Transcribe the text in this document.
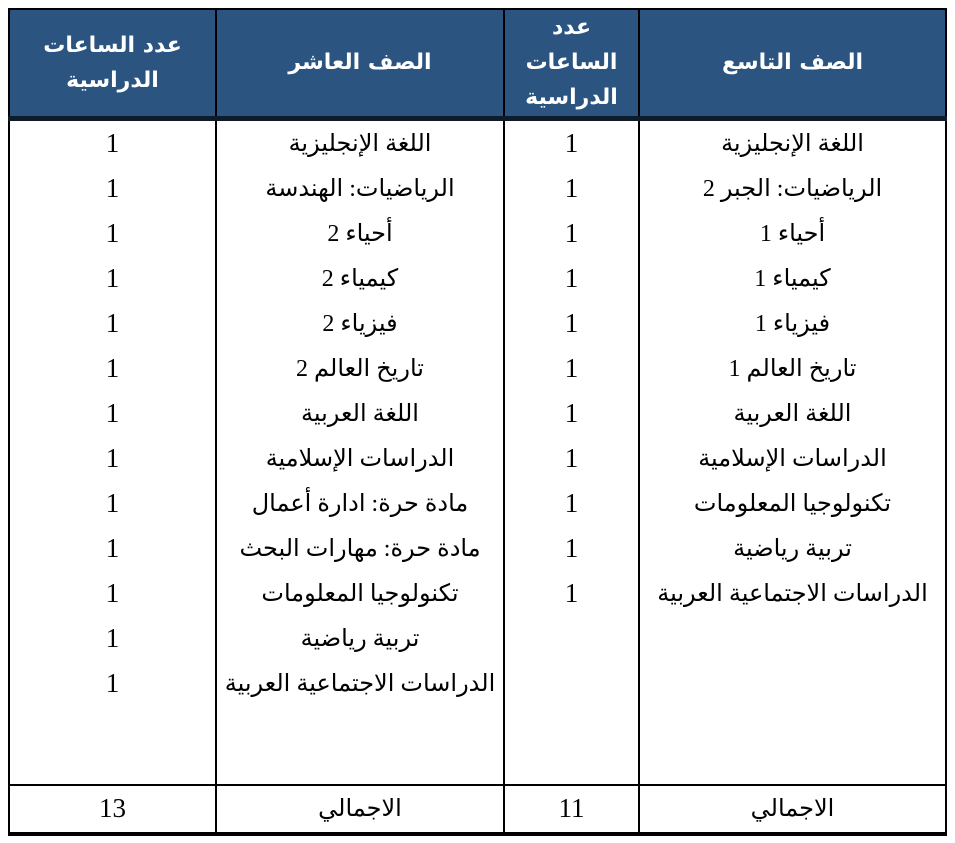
الصف التاسع	عدد الساعات الدراسية	الصف العاشر	عدد الساعات الدراسية
اللغة الإنجليزية	1	اللغة الإنجليزية	1
الرياضيات: الجبر 2	1	الرياضيات: الهندسة	1
أحياء 1	1	أحياء 2	1
كيمياء 1	1	كيمياء 2	1
فيزياء 1	1	فيزياء 2	1
تاريخ العالم 1	1	تاريخ العالم 2	1
اللغة العربية	1	اللغة العربية	1
الدراسات الإسلامية	1	الدراسات الإسلامية	1
تكنولوجيا المعلومات	1	مادة حرة: ادارة أعمال	1
تربية رياضية	1	مادة حرة: مهارات البحث	1
الدراسات الاجتماعية العربية	1	تكنولوجيا المعلومات	1
		تربية رياضية	1
		الدراسات الاجتماعية العربية	1

الاجمالي	11	الاجمالي	13
